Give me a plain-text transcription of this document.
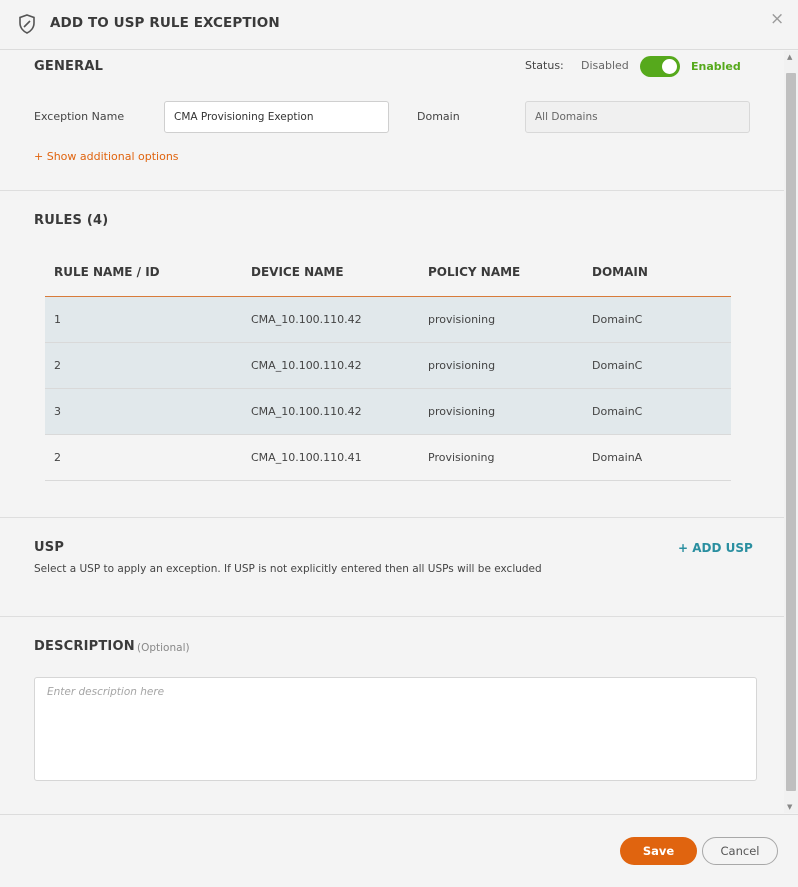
ADD TO USP RULE EXCEPTION	×
GENERAL	Status: Disabled	Enabled
Exception Name
CMA Provisioning Exeption	Domain
All Domains
+ Show additional options
RULES (4)
RULE NAME / ID	DEVICE NAME	POLICY NAME	DOMAIN
1	CMA_10.100.110.42	provisioning	DomainC
2	CMA_10.100.110.42	provisioning	DomainC
3	CMA_10.100.110.42	provisioning	DomainC
2	CMA_10.100.110.41	Provisioning	DomainA
USP	+ ADD USP
Select a USP to apply an exception. If USP is not explicitly entered then all USPs will be excluded
DESCRIPTION (Optional)
Enter description here
▲
▼
Save	Cancel
